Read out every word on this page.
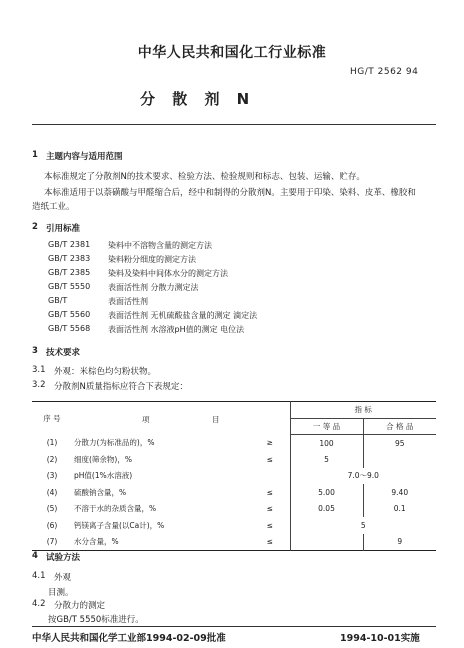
中华人民共和国化工行业标准
HG/T 2562 94
分 散 剂 N
1 主题内容与适用范围
本标准规定了分散剂N的技术要求、检验方法、检验规则和标志、包装、运输、贮存。
本标准适用于以萘磺酸与甲醛缩合后，经中和制得的分散剂N。主要用于印染、染料、皮革、橡胶和
造纸工业。
2 引用标准
GB/T 2381 染料中不溶物含量的测定方法
GB/T 2383 染料粉分细度的测定方法
GB/T 2385 染料及染料中间体水分的测定方法
GB/T 5550 表面活性剂 分散力测定法
GB/T	表面活性剂
GB/T 5560 表面活性剂 无机硫酸盐含量的测定 滴定法
GB/T 5568 表面活性剂 水溶液pH值的测定 电位法
3 技术要求
3.1 外观：米棕色均匀粉状物。
3.2 分散剂N质量指标应符合下表规定：
序 号	项 目		指 标	
			一 等 品	合 格 品
(1)	分散力(为标准品的)，%	≥	100	95
(2)	细度(筛余物)，%	≤	5	
(3)	pH值(1%水溶液)		7.0～9.0	
(4)	硫酸钠含量，%	≤	5.00	9.40
(5)	不溶于水的杂质含量，%	≤	0.05	0.1
(6)	钙镁离子含量(以Ca计)，%	≤	5	
(7)	水分含量，%	≤		9
4 试验方法
4.1 外观
目测。
4.2 分散力的测定
按GB/T 5550标准进行。
中华人民共和国化学工业部1994-02-09批准	1994-10-01实施
